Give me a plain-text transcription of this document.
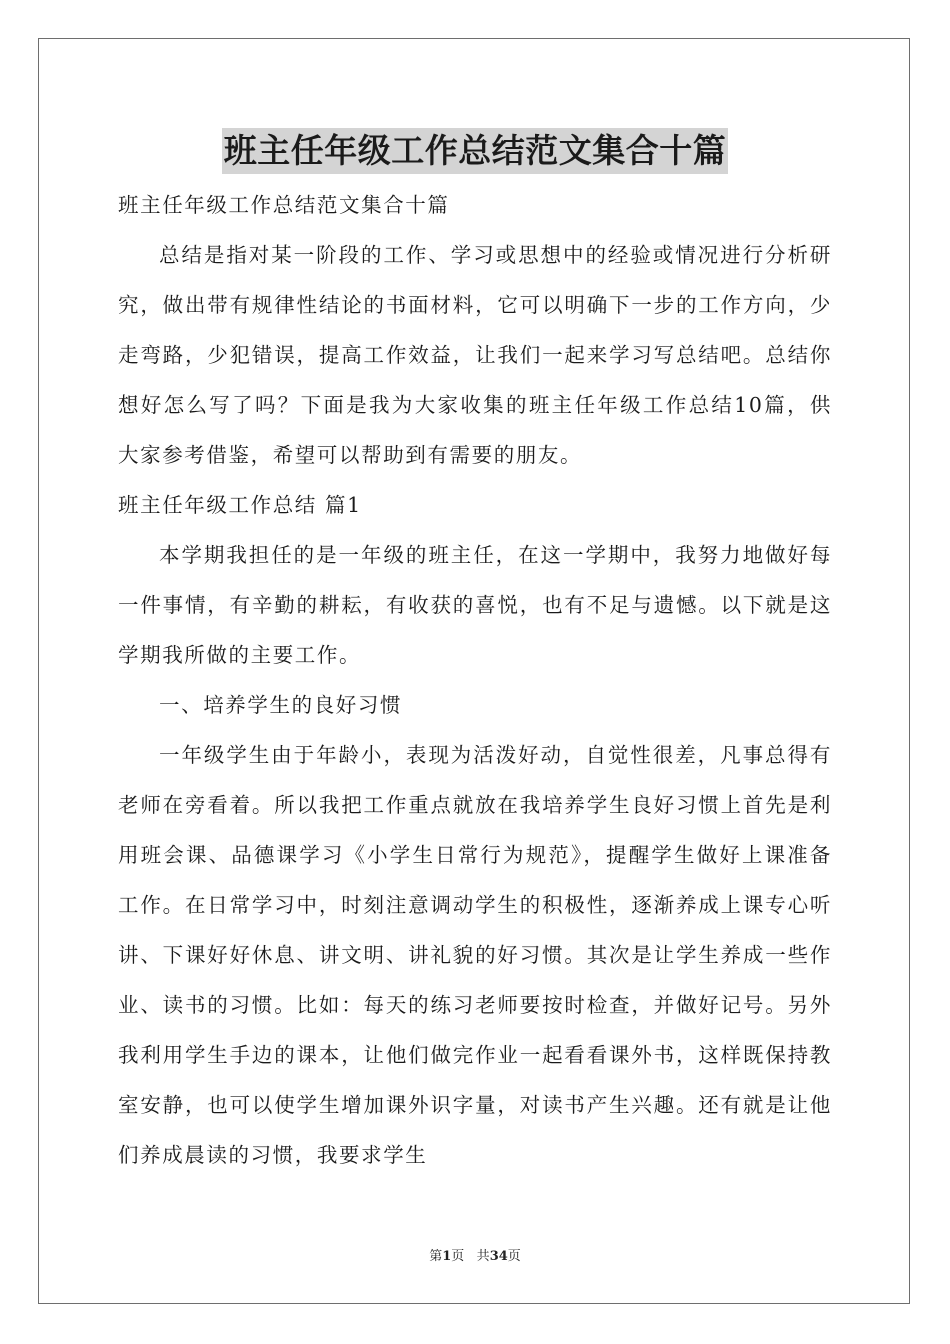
班主任年级工作总结范文集合十篇

班主任年级工作总结范文集合十篇

总结是指对某一阶段的工作、学习或思想中的经验或情况进行分析研究，做出带有规律性结论的书面材料，它可以明确下一步的工作方向，少走弯路，少犯错误，提高工作效益，让我们一起来学习写总结吧。总结你想好怎么写了吗？下面是我为大家收集的班主任年级工作总结10篇，供大家参考借鉴，希望可以帮助到有需要的朋友。

班主任年级工作总结 篇1

本学期我担任的是一年级的班主任，在这一学期中，我努力地做好每一件事情，有辛勤的耕耘，有收获的喜悦，也有不足与遗憾。以下就是这学期我所做的主要工作。

一、培养学生的良好习惯

一年级学生由于年龄小，表现为活泼好动，自觉性很差，凡事总得有老师在旁看着。所以我把工作重点就放在我培养学生良好习惯上首先是利用班会课、品德课学习《小学生日常行为规范》，提醒学生做好上课准备工作。在日常学习中，时刻注意调动学生的积极性，逐渐养成上课专心听讲、下课好好休息、讲文明、讲礼貌的好习惯。其次是让学生养成一些作业、读书的习惯。比如：每天的练习老师要按时检查，并做好记号。另外我利用学生手边的课本，让他们做完作业一起看看课外书，这样既保持教室安静，也可以使学生增加课外识字量，对读书产生兴趣。还有就是让他们养成晨读的习惯，我要求学生

第1页 共34页
